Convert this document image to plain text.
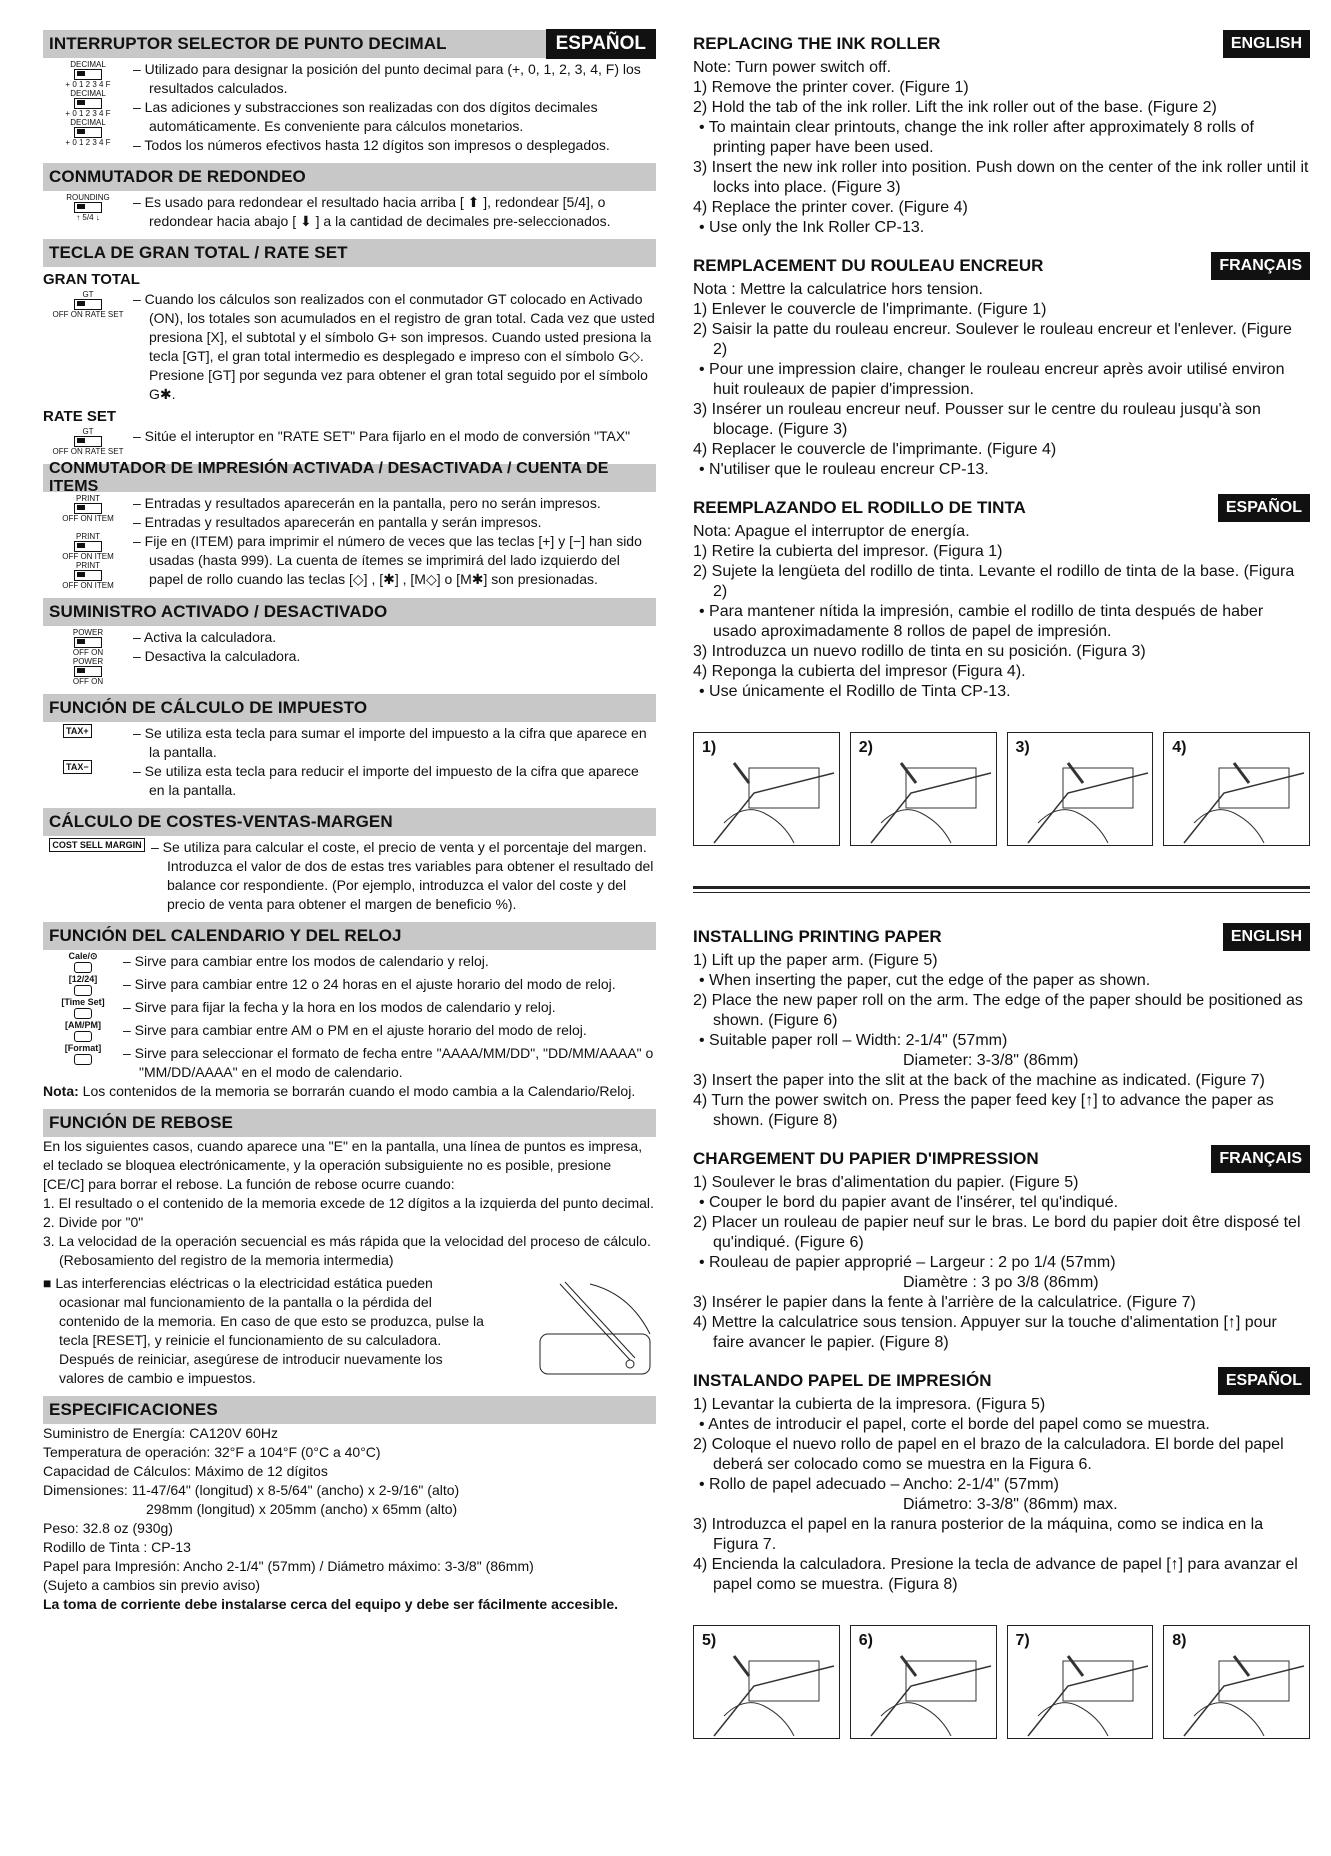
INTERRUPTOR SELECTOR DE PUNTO DECIMAL	ESPAÑOL
DECIMAL
+ 0 1 2 3 4 F
DECIMAL
+ 0 1 2 3 4 F
DECIMAL
+ 0 1 2 3 4 F
– Utilizado para designar la posición del punto decimal para (+, 0, 1, 2, 3, 4, F) los resultados calculados.
– Las adiciones y substracciones son realizadas con dos dígitos decimales automáticamente. Es conveniente para cálculos monetarios.
– Todos los números efectivos hasta 12 dígitos son impresos o desplegados.
CONMUTADOR DE REDONDEO
ROUNDING
↑ 5/4 ↓
– Es usado para redondear el resultado hacia arriba [ ⬆ ], redondear [5/4], o redondear hacia abajo [ ⬇ ] a la cantidad de decimales pre-seleccionados.
TECLA DE GRAN TOTAL / RATE SET
GRAN TOTAL
GT
OFF ON RATE SET
– Cuando los cálculos son realizados con el conmutador GT colocado en Activado (ON), los totales son acumulados en el registro de gran total. Cada vez que usted presiona [X], el subtotal y el símbolo G+ son impresos. Cuando usted presiona la tecla [GT], el gran total intermedio es desplegado e impreso con el símbolo G◇. Presione [GT] por segunda vez para obtener el gran total seguido por el símbolo G✱.
RATE SET
GT
OFF ON RATE SET
– Sitúe el interuptor en "RATE SET" Para fijarlo en el modo de conversión "TAX"
CONMUTADOR DE IMPRESIÓN ACTIVADA / DESACTIVADA / CUENTA DE ITEMS
PRINT
OFF ON ITEM

PRINT
OFF ON ITEM
PRINT
OFF ON ITEM
– Entradas y resultados aparecerán en la pantalla, pero no serán impresos.
– Entradas y resultados aparecerán en pantalla y serán impresos.
– Fije en (ITEM) para imprimir el número de veces que las teclas [+] y [−] han sido usadas (hasta 999). La cuenta de ítemes se imprimirá del lado izquierdo del papel de rollo cuando las teclas [◇] , [✱] , [M◇] o [M✱] son presionadas.
SUMINISTRO ACTIVADO / DESACTIVADO
POWER
OFF ON
POWER
OFF ON
– Activa la calculadora.
– Desactiva la calculadora.
FUNCIÓN DE CÁLCULO DE IMPUESTO
TAX+
TAX−
– Se utiliza esta tecla para sumar el importe del impuesto a la cifra que aparece en la pantalla.
– Se utiliza esta tecla para reducir el importe del impuesto de la cifra que aparece en la pantalla.
CÁLCULO DE COSTES-VENTAS-MARGEN
COST SELL MARGIN – Se utiliza para calcular el coste, el precio de venta y el porcentaje del margen. Introduzca el valor de dos de estas tres variables para obtener el resultado del balance cor respondiente. (Por ejemplo, introduzca el valor del coste y del precio de venta para obtener el margen de beneficio %).
FUNCIÓN DEL CALENDARIO Y DEL RELOJ
Cale/⊙ – Sirve para cambiar entre los modos de calendario y reloj.
[12/24] – Sirve para cambiar entre 12 o 24 horas en el ajuste horario del modo de reloj.
[Time Set] – Sirve para fijar la fecha y la hora en los modos de calendario y reloj.
[AM/PM] – Sirve para cambiar entre AM o PM en el ajuste horario del modo de reloj.
[Format] – Sirve para seleccionar el formato de fecha entre "AAAA/MM/DD", "DD/MM/AAAA" o "MM/DD/AAAA" en el modo de calendario.
Nota: Los contenidos de la memoria se borrarán cuando el modo cambia a la Calendario/Reloj.
FUNCIÓN DE REBOSE
En los siguientes casos, cuando aparece una "E" en la pantalla, una línea de puntos es impresa, el teclado se bloquea electrónicamente, y la operación subsiguiente no es posible, presione [CE/C] para borrar el rebose. La función de rebose ocurre cuando:
1. El resultado o el contenido de la memoria excede de 12 dígitos a la izquierda del punto decimal.
2. Divide por "0"
3. La velocidad de la operación secuencial es más rápida que la velocidad del proceso de cálculo. (Rebosamiento del registro de la memoria intermedia)
■ Las interferencias eléctricas o la electricidad estática pueden ocasionar mal funcionamiento de la pantalla o la pérdida del contenido de la memoria. En caso de que esto se produzca, pulse la tecla [RESET], y reinicie el funcionamiento de su calculadora. Después de reiniciar, asegúrese de introducir nuevamente los valores de cambio e impuestos.
ESPECIFICACIONES
Suministro de Energía: CA120V 60Hz
Temperatura de operación: 32°F a 104°F (0°C a 40°C)
Capacidad de Cálculos: Máximo de 12 dígitos
Dimensiones: 11-47/64" (longitud) x 8-5/64" (ancho) x 2-9/16" (alto)
298mm (longitud) x 205mm (ancho) x 65mm (alto)
Peso: 32.8 oz (930g)
Rodillo de Tinta : CP-13
Papel para Impresión: Ancho 2-1/4" (57mm) / Diámetro máximo: 3-3/8" (86mm)
(Sujeto a cambios sin previo aviso)
La toma de corriente debe instalarse cerca del equipo y debe ser fácilmente accesible.
REPLACING THE INK ROLLER	ENGLISH
Note: Turn power switch off.
1) Remove the printer cover. (Figure 1)
2) Hold the tab of the ink roller. Lift the ink roller out of the base. (Figure 2)
• To maintain clear printouts, change the ink roller after approximately 8 rolls of printing paper have been used.
3) Insert the new ink roller into position. Push down on the center of the ink roller until it locks into place. (Figure 3)
4) Replace the printer cover. (Figure 4)
• Use only the Ink Roller CP-13.
REMPLACEMENT DU ROULEAU ENCREUR	FRANÇAIS
Nota : Mettre la calculatrice hors tension.
1) Enlever le couvercle de l'imprimante. (Figure 1)
2) Saisir la patte du rouleau encreur. Soulever le rouleau encreur et l'enlever. (Figure 2)
• Pour une impression claire, changer le rouleau encreur après avoir utilisé environ huit rouleaux de papier d'impression.
3) Insérer un rouleau encreur neuf. Pousser sur le centre du rouleau jusqu'à son blocage. (Figure 3)
4) Replacer le couvercle de l'imprimante. (Figure 4)
• N'utiliser que le rouleau encreur CP-13.
REEMPLAZANDO EL RODILLO DE TINTA	ESPAÑOL
Nota: Apague el interruptor de energía.
1) Retire la cubierta del impresor. (Figura 1)
2) Sujete la lengüeta del rodillo de tinta. Levante el rodillo de tinta de la base. (Figura 2)
• Para mantener nítida la impresión, cambie el rodillo de tinta después de haber usado aproximadamente 8 rollos de papel de impresión.
3) Introduzca un nuevo rodillo de tinta en su posición. (Figura 3)
4) Reponga la cubierta del impresor (Figura 4).
• Use únicamente el Rodillo de Tinta CP-13.
1)	2)	3)	4)
INSTALLING PRINTING PAPER	ENGLISH
1) Lift up the paper arm. (Figure 5)
• When inserting the paper, cut the edge of the paper as shown.
2) Place the new paper roll on the arm. The edge of the paper should be positioned as shown. (Figure 6)
• Suitable paper roll – Width: 2-1/4" (57mm)
Diameter: 3-3/8" (86mm)
3) Insert the paper into the slit at the back of the machine as indicated. (Figure 7)
4) Turn the power switch on. Press the paper feed key [↑] to advance the paper as shown. (Figure 8)
CHARGEMENT DU PAPIER D'IMPRESSION	FRANÇAIS
1) Soulever le bras d'alimentation du papier. (Figure 5)
• Couper le bord du papier avant de l'insérer, tel qu'indiqué.
2) Placer un rouleau de papier neuf sur le bras. Le bord du papier doit être disposé tel qu'indiqué. (Figure 6)
• Rouleau de papier approprié – Largeur : 2 po 1/4 (57mm)
Diamètre : 3 po 3/8 (86mm)
3) Insérer le papier dans la fente à l'arrière de la calculatrice. (Figure 7)
4) Mettre la calculatrice sous tension. Appuyer sur la touche d'alimentation [↑] pour faire avancer le papier. (Figure 8)
INSTALANDO PAPEL DE IMPRESIÓN	ESPAÑOL
1) Levantar la cubierta de la impresora. (Figura 5)
• Antes de introducir el papel, corte el borde del papel como se muestra.
2) Coloque el nuevo rollo de papel en el brazo de la calculadora. El borde del papel deberá ser colocado como se muestra en la Figura 6.
• Rollo de papel adecuado – Ancho: 2-1/4" (57mm)
Diámetro: 3-3/8" (86mm) max.
3) Introduzca el papel en la ranura posterior de la máquina, como se indica en la Figura 7.
4) Encienda la calculadora. Presione la tecla de advance de papel [↑] para avanzar el papel como se muestra. (Figura 8)
5)	6)	7)	8)
